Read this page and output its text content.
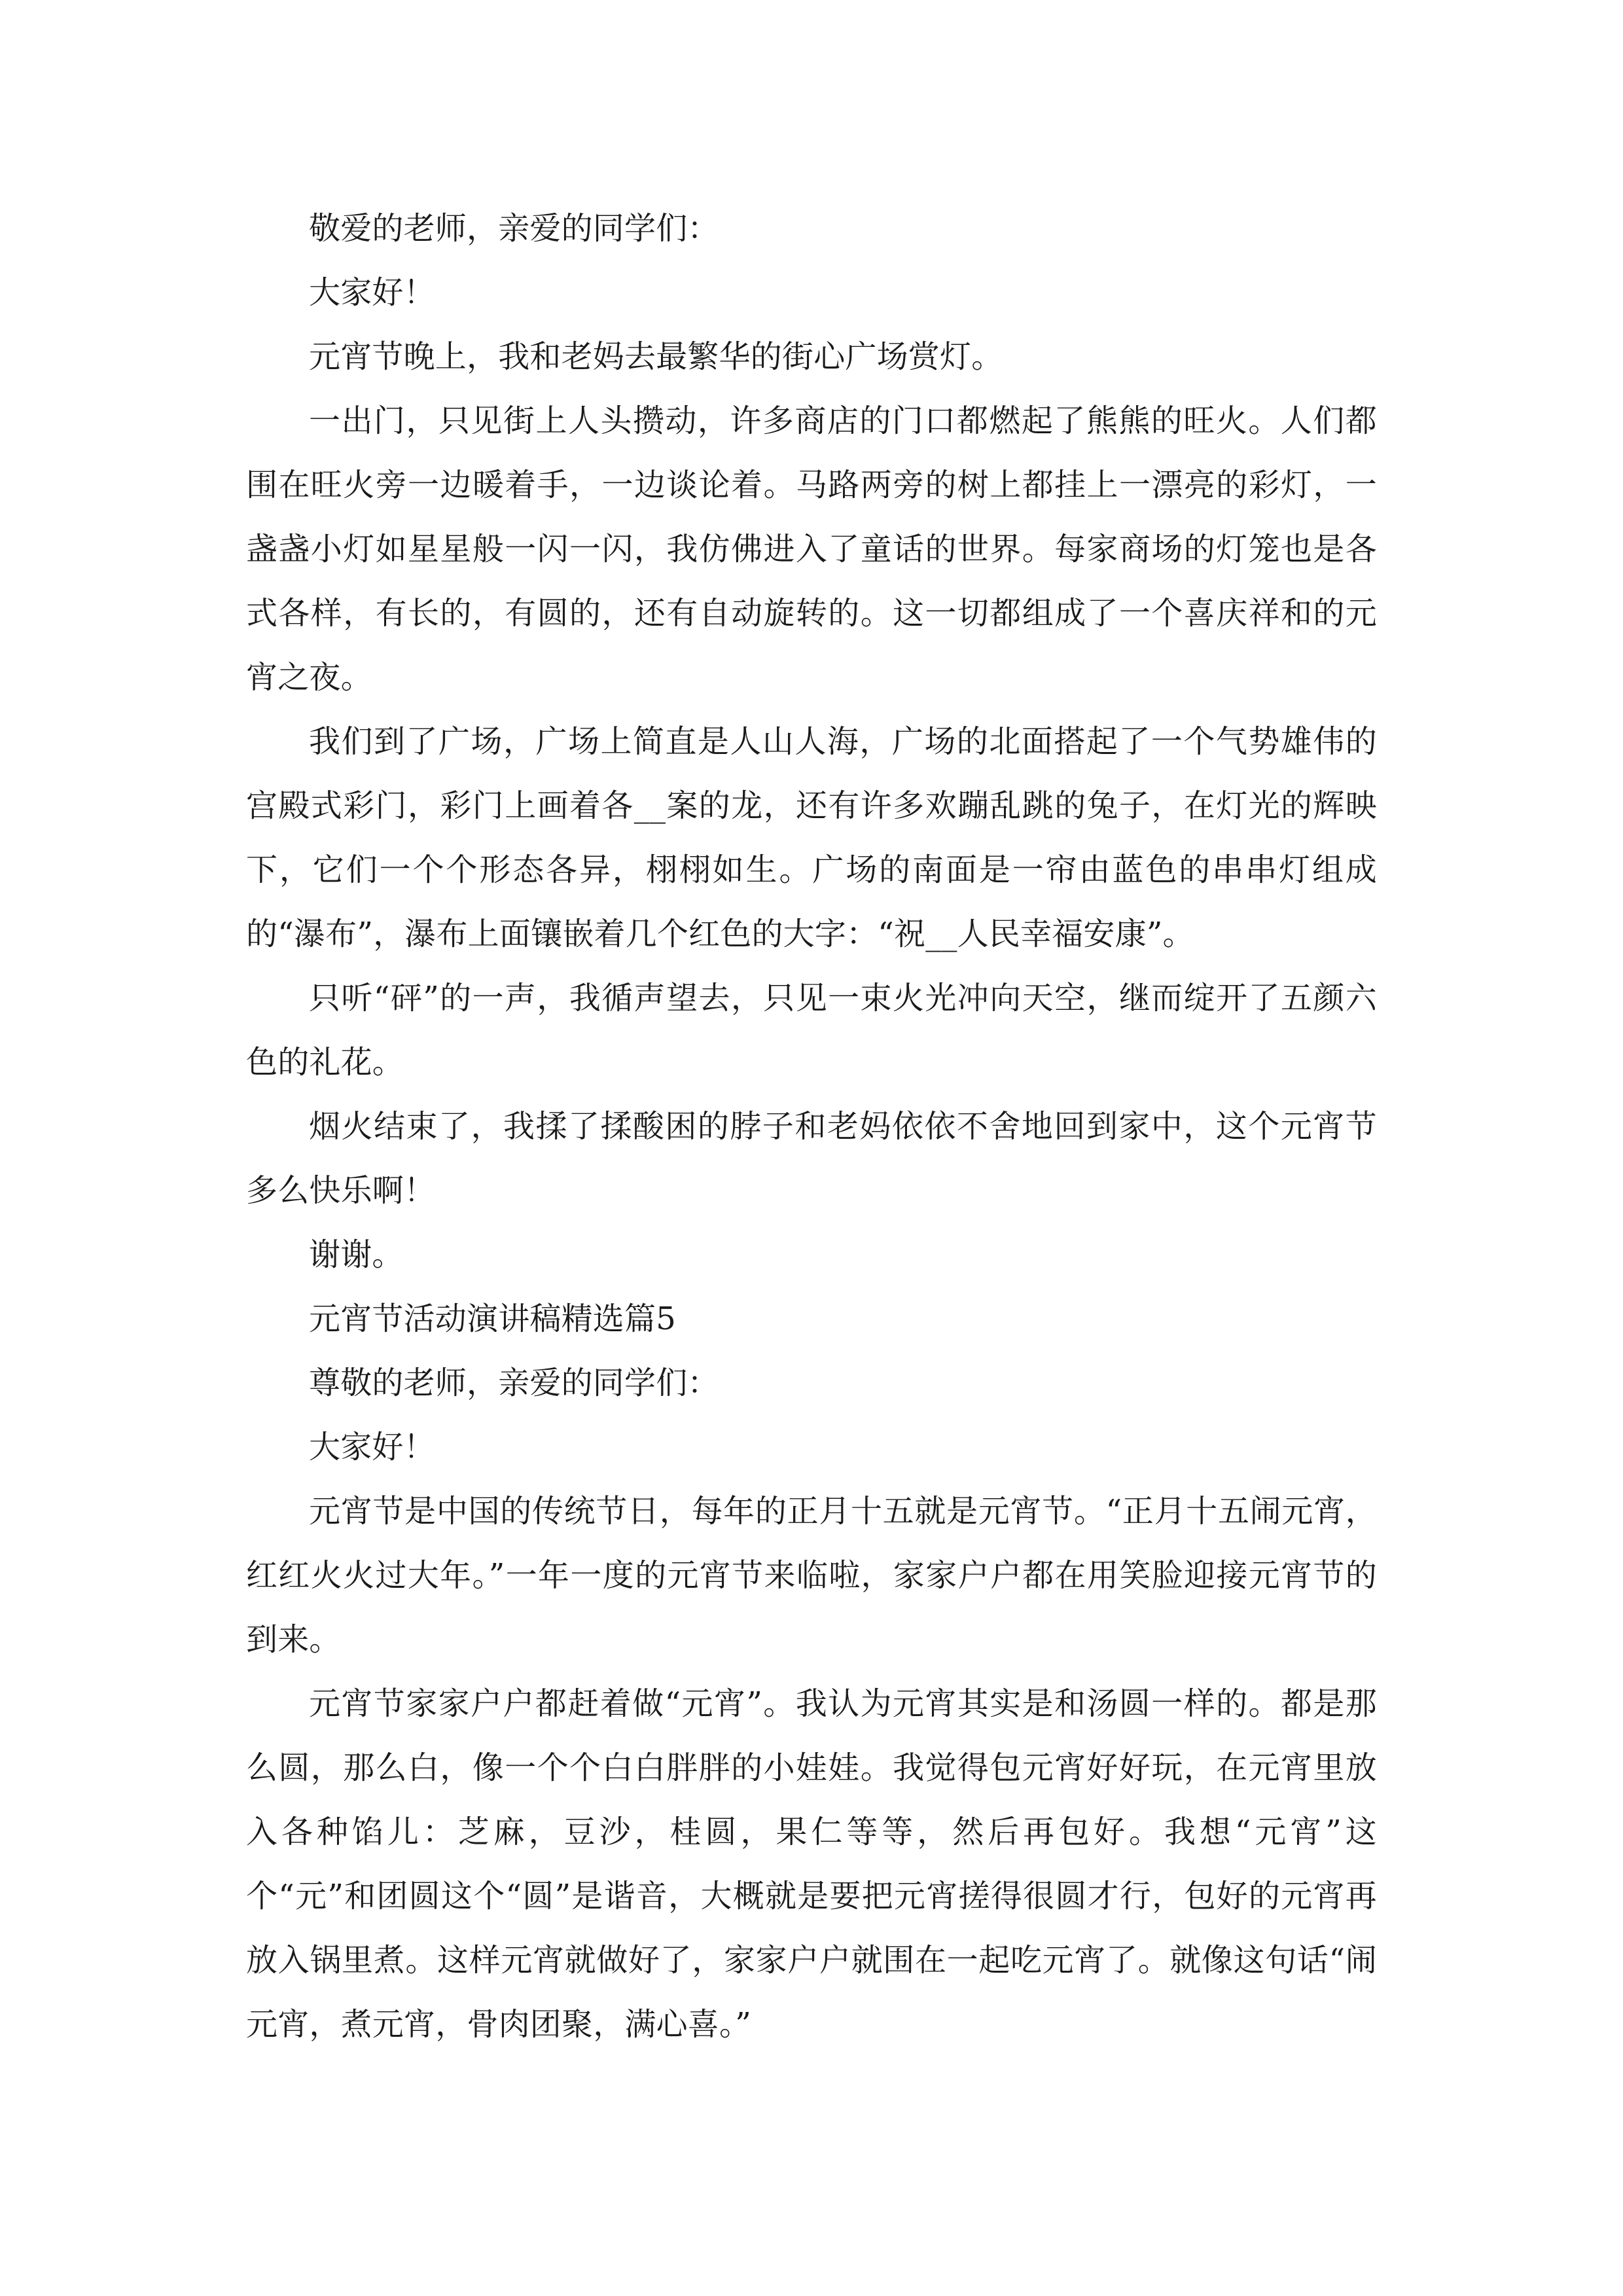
敬爱的老师，亲爱的同学们：

大家好！

元宵节晚上，我和老妈去最繁华的街心广场赏灯。

一出门，只见街上人头攒动，许多商店的门口都燃起了熊熊的旺火。人们都围在旺火旁一边暖着手，一边谈论着。马路两旁的树上都挂上一漂亮的彩灯，一盏盏小灯如星星般一闪一闪，我仿佛进入了童话的世界。每家商场的灯笼也是各式各样，有长的，有圆的，还有自动旋转的。这一切都组成了一个喜庆祥和的元宵之夜。

我们到了广场，广场上简直是人山人海，广场的北面搭起了一个气势雄伟的宫殿式彩门，彩门上画着各__案的龙，还有许多欢蹦乱跳的兔子，在灯光的辉映下，它们一个个形态各异，栩栩如生。广场的南面是一帘由蓝色的串串灯组成的“瀑布”，瀑布上面镶嵌着几个红色的大字：“祝__人民幸福安康”。

只听“砰”的一声，我循声望去，只见一束火光冲向天空，继而绽开了五颜六色的礼花。

烟火结束了，我揉了揉酸困的脖子和老妈依依不舍地回到家中，这个元宵节多么快乐啊！

谢谢。

元宵节活动演讲稿精选篇5

尊敬的老师，亲爱的同学们：

大家好！

元宵节是中国的传统节日，每年的正月十五就是元宵节。“正月十五闹元宵，红红火火过大年。”一年一度的元宵节来临啦，家家户户都在用笑脸迎接元宵节的到来。

元宵节家家户户都赶着做“元宵”。我认为元宵其实是和汤圆一样的。都是那么圆，那么白，像一个个白白胖胖的小娃娃。我觉得包元宵好好玩，在元宵里放入各种馅儿：芝麻，豆沙，桂圆，果仁等等，然后再包好。我想“元宵”这个“元”和团圆这个“圆”是谐音，大概就是要把元宵搓得很圆才行，包好的元宵再放入锅里煮。这样元宵就做好了，家家户户就围在一起吃元宵了。就像这句话“闹元宵，煮元宵，骨肉团聚，满心喜。”
